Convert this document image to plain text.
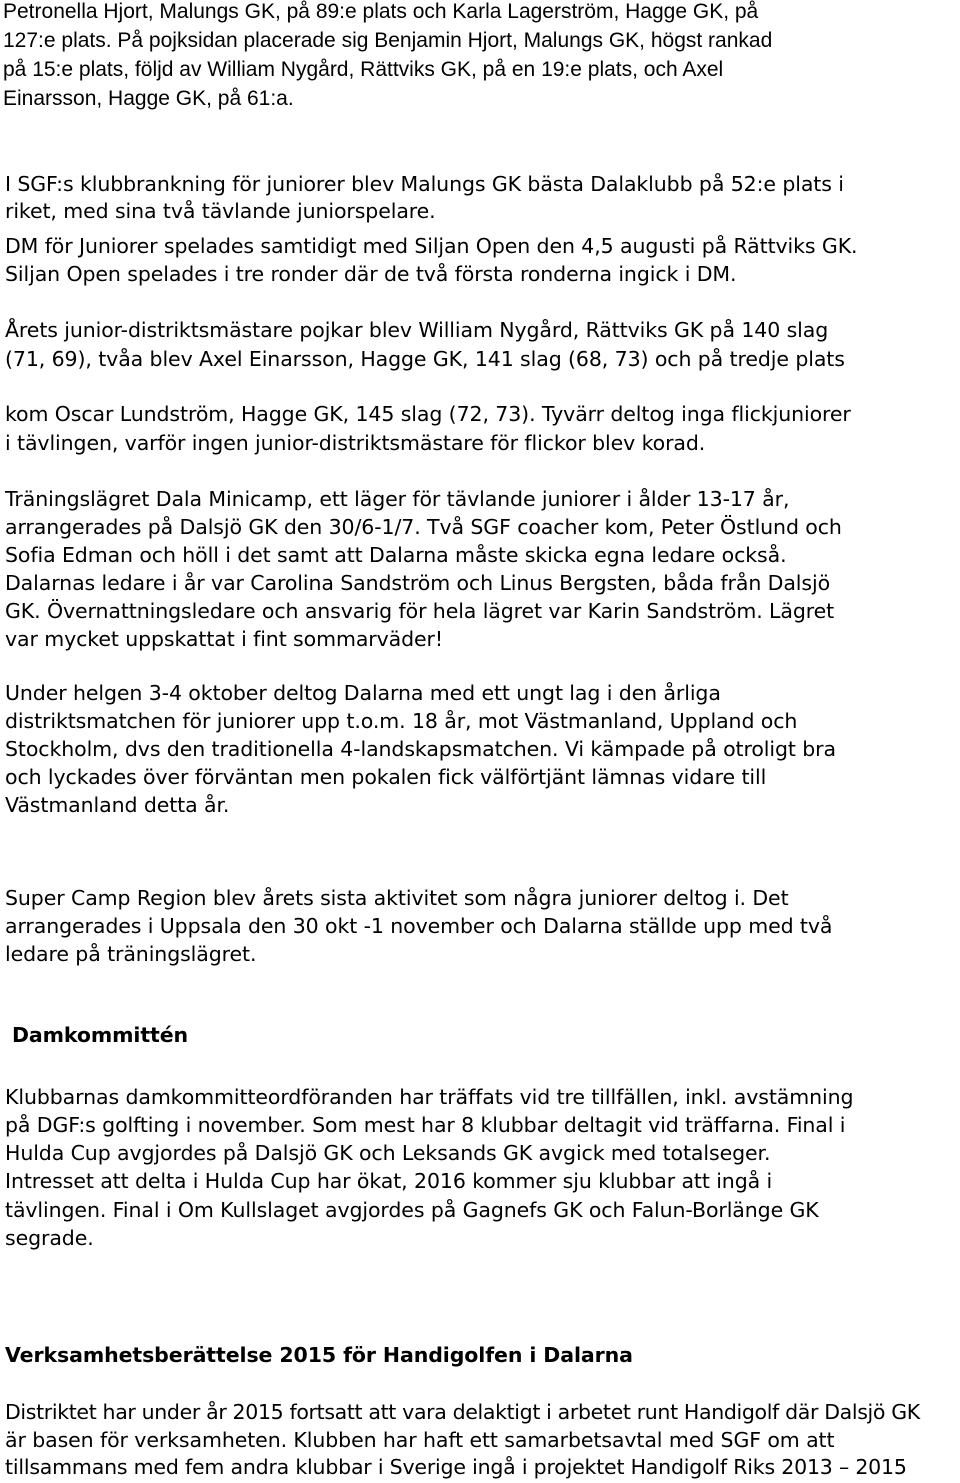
Petronella Hjort, Malungs GK, på 89:e plats och Karla Lagerström, Hagge GK, på
127:e plats. På pojksidan placerade sig Benjamin Hjort, Malungs GK, högst rankad
på 15:e plats, följd av William Nygård, Rättviks GK, på en 19:e plats, och Axel
Einarsson, Hagge GK, på 61:a.
I SGF:s klubbrankning för juniorer blev Malungs GK bästa Dalaklubb på 52:e plats i
riket, med sina två tävlande juniorspelare.
DM för Juniorer spelades samtidigt med Siljan Open den 4,5 augusti på Rättviks GK.
Siljan Open spelades i tre ronder där de två första ronderna ingick i DM.
Årets junior-distriktsmästare pojkar blev William Nygård, Rättviks GK på 140 slag
(71, 69), tvåa blev Axel Einarsson, Hagge GK, 141 slag (68, 73) och på tredje plats
kom Oscar Lundström, Hagge GK, 145 slag (72, 73). Tyvärr deltog inga flickjuniorer
i tävlingen, varför ingen junior-distriktsmästare för flickor blev korad.
Träningslägret Dala Minicamp, ett läger för tävlande juniorer i ålder 13-17 år,
arrangerades på Dalsjö GK den 30/6-1/7. Två SGF coacher kom, Peter Östlund och
Sofia Edman och höll i det samt att Dalarna måste skicka egna ledare också.
Dalarnas ledare i år var Carolina Sandström och Linus Bergsten, båda från Dalsjö
GK. Övernattningsledare och ansvarig för hela lägret var Karin Sandström. Lägret
var mycket uppskattat i fint sommarväder!
Under helgen 3-4 oktober deltog Dalarna med ett ungt lag i den årliga
distriktsmatchen för juniorer upp t.o.m. 18 år, mot Västmanland, Uppland och
Stockholm, dvs den traditionella 4-landskapsmatchen. Vi kämpade på otroligt bra
och lyckades över förväntan men pokalen fick välförtjänt lämnas vidare till
Västmanland detta år.
Super Camp Region blev årets sista aktivitet som några juniorer deltog i. Det
arrangerades i Uppsala den 30 okt -1 november och Dalarna ställde upp med två
ledare på träningslägret.
Damkommittén
Klubbarnas damkommitteordföranden har träffats vid tre tillfällen, inkl. avstämning
på DGF:s golfting i november. Som mest har 8 klubbar deltagit vid träffarna. Final i
Hulda Cup avgjordes på Dalsjö GK och Leksands GK avgick med totalseger.
Intresset att delta i Hulda Cup har ökat, 2016 kommer sju klubbar att ingå i
tävlingen. Final i Om Kullslaget avgjordes på Gagnefs GK och Falun-Borlänge GK
segrade.
Verksamhetsberättelse 2015 för Handigolfen i Dalarna
Distriktet har under år 2015 fortsatt att vara delaktigt i arbetet runt Handigolf där Dalsjö GK
är basen för verksamheten. Klubben har haft ett samarbetsavtal med SGF om att
tillsammans med fem andra klubbar i Sverige ingå i projektet Handigolf Riks 2013 – 2015
